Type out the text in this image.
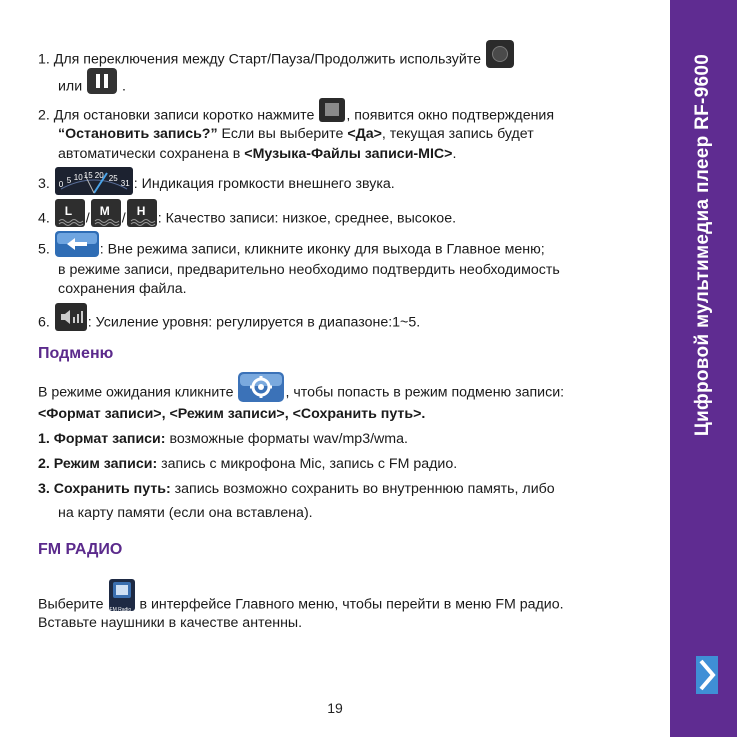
1. Для переключения между Старт/Пауза/Продолжить используйте
или	.
2. Для остановки записи коротко нажмите , появится окно подтверждения
“Остановить запись?” Если вы выберите <Да>, текущая запись будет
автоматически сохранена в <Музыка-Файлы записи-MIC>.
3. 0 5 10 15 20 25
31 : Индикация громкости внешнего звука.
4. L / M / H : Качество записи: низкое, среднее, высокое.
5.	: Вне режима записи, кликните иконку для выхода в Главное меню;
в режиме записи, предварительно необходимо подтвердить необходимость
сохранения файла.
6.	: Усиление уровня: регулируется в диапазоне:1~5.
Подменю
В режиме ожидания кликните	, чтобы попасть в режим подменю записи:
<Формат записи>, <Режим записи>, <Сохранить путь>.
1. Формат записи: возможные форматы wav/mp3/wma.
2. Режим записи: запись с микрофона Mic, запись с FM радио.
3. Сохранить путь: запись возможно сохранить во внутреннюю память, либо
на карту памяти (если она вставлена).
FM РАДИО
Выберите FM Radio в интерфейсе Главного меню, чтобы перейти в меню FM радио.
Вставьте наушники в качестве антенны.
19
Цифровой мультимедиа плеер RF-9600
